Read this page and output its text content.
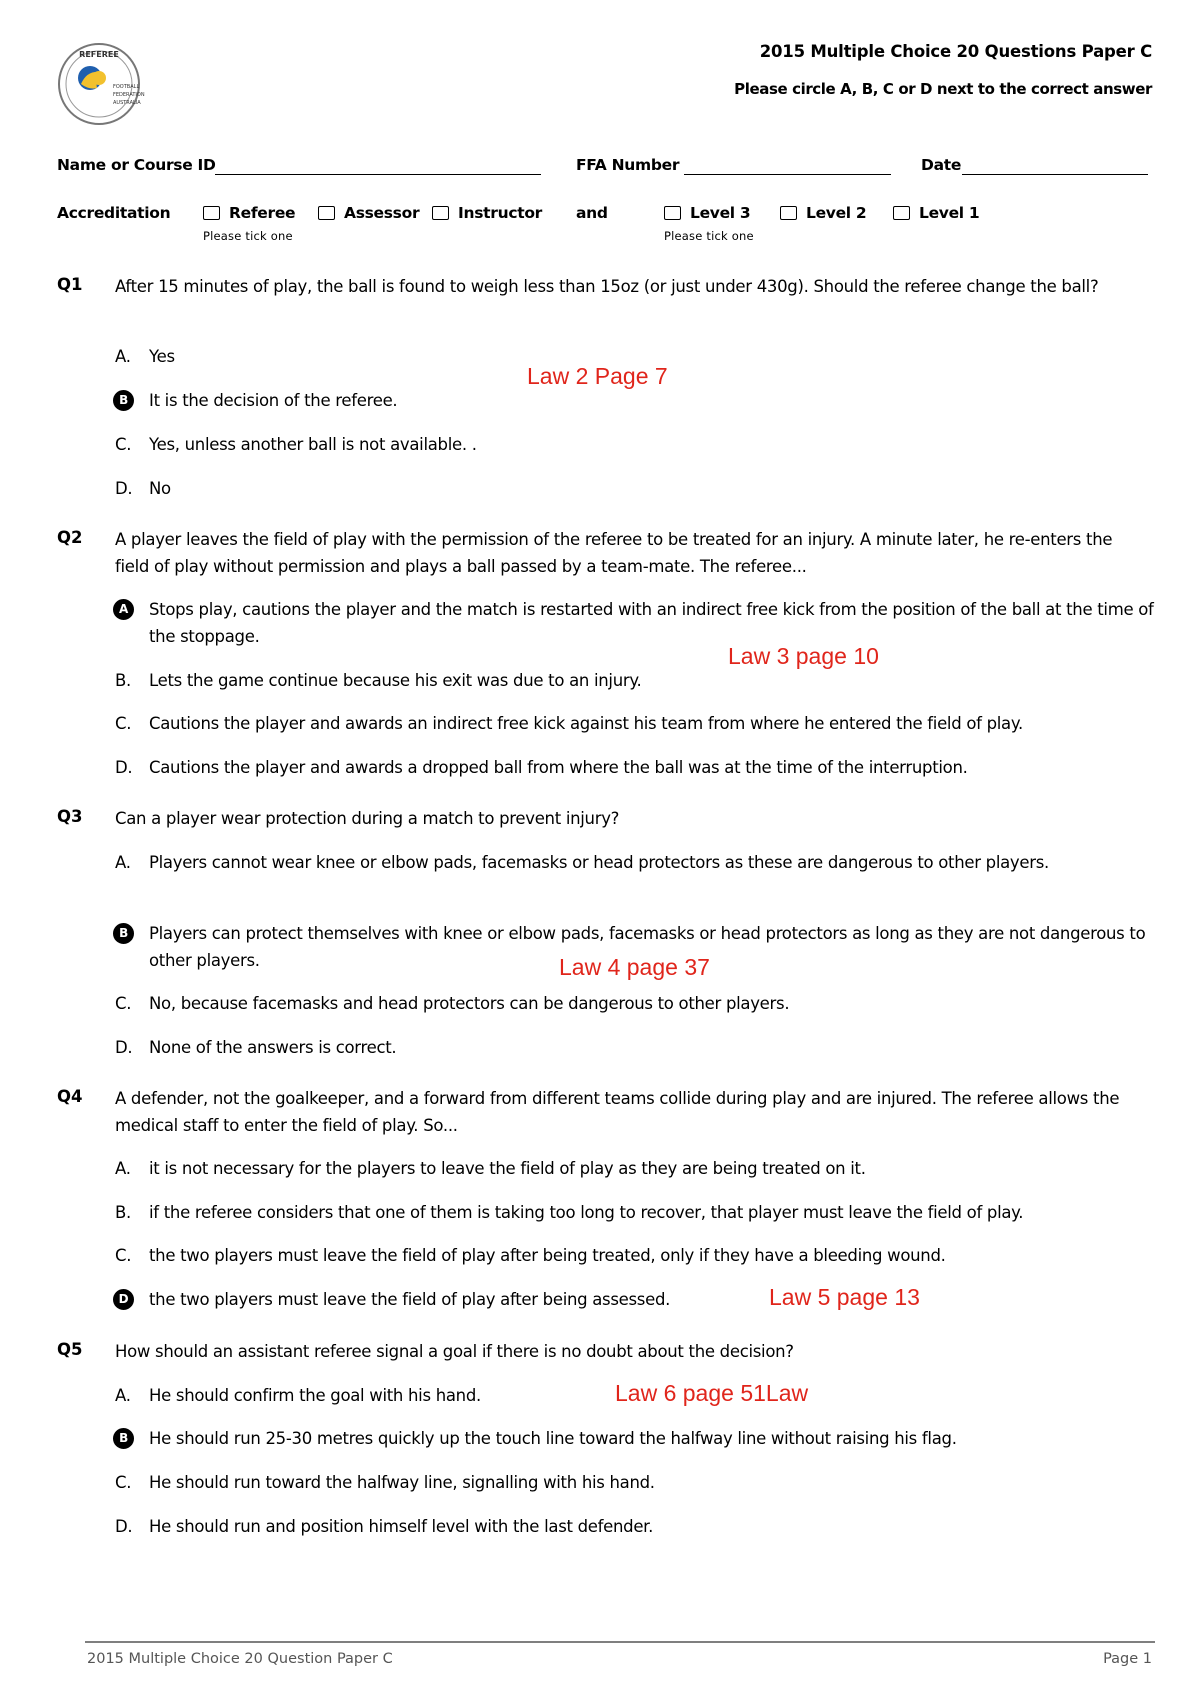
REFEREE
FOOTBALL
FEDERATION
AUSTRALIA
2015 Multiple Choice 20 Questions Paper C
Please circle A, B, C or D next to the correct answer
Name or Course ID	FFA Number	Date
Accreditation	Referee	Assessor Instructor
Please tick one
and	Level 3	Level 2	Level 1
Please tick one
Q1 After 15 minutes of play, the ball is found to weigh less than 15oz (or just under 430g). Should the referee change the ball?
A.	Yes
B	It is the decision of the referee.
C.	Yes, unless another ball is not available. .
D.	No
Law 2 Page 7
Q2 A player leaves the field of play with the permission of the referee to be treated for an injury. A minute later, he re-enters the field of play without permission and plays a ball passed by a team-mate. The referee...
A	Stops play, cautions the player and the match is restarted with an indirect free kick from the position of the ball at the time of the stoppage.
B.	Lets the game continue because his exit was due to an injury.
C.	Cautions the player and awards an indirect free kick against his team from where he entered the field of play.
D.	Cautions the player and awards a dropped ball from where the ball was at the time of the interruption.
Law 3 page 10
Q3 Can a player wear protection during a match to prevent injury?
A.	Players cannot wear knee or elbow pads, facemasks or head protectors as these are dangerous to other players.
B	Players can protect themselves with knee or elbow pads, facemasks or head protectors as long as they are not dangerous to other players.
C.	No, because facemasks and head protectors can be dangerous to other players.
D.	None of the answers is correct.
Law 4 page 37
Q4 A defender, not the goalkeeper, and a forward from different teams collide during play and are injured. The referee allows the medical staff to enter the field of play. So...
A.	it is not necessary for the players to leave the field of play as they are being treated on it.
B.	if the referee considers that one of them is taking too long to recover, that player must leave the field of play.
C.	the two players must leave the field of play after being treated, only if they have a bleeding wound.
D	the two players must leave the field of play after being assessed.	Law 5 page 13
Q5 How should an assistant referee signal a goal if there is no doubt about the decision?
A.	He should confirm the goal with his hand.
B	He should run 25-30 metres quickly up the touch line toward the halfway line without raising his flag.
C.	He should run toward the halfway line, signalling with his hand.
D.	He should run and position himself level with the last defender.
Law 6 page 51Law
2015 Multiple Choice 20 Question Paper C	Page 1
